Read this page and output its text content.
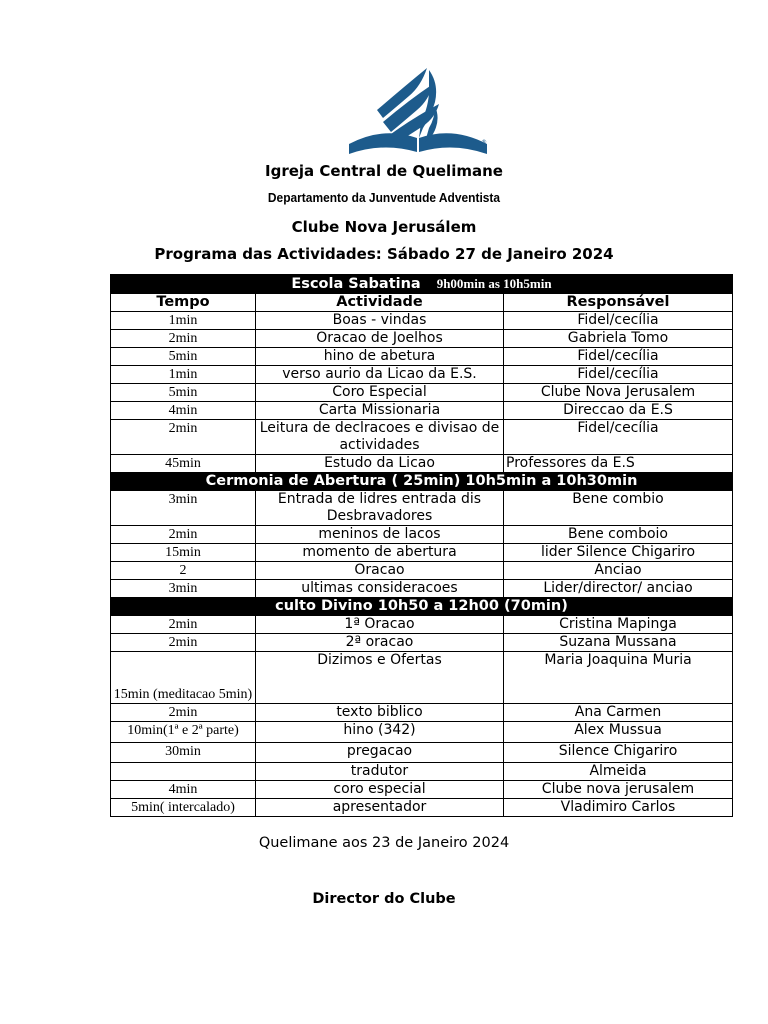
®
Igreja Central de Quelimane
Departamento da Junventude Adventista
Clube Nova Jerusálem
Programa das Actividades: Sábado 27 de Janeiro 2024
Escola Sabatina 9h00min as 10h5min		
Tempo	Actividade	Responsável
1min	Boas - vindas	Fidel/cecília
2min	Oracao de Joelhos	Gabriela Tomo
5min	hino de abetura	Fidel/cecília
1min	verso aurio da Licao da E.S.	Fidel/cecília
5min	Coro Especial	Clube Nova Jerusalem
4min	Carta Missionaria	Direccao da E.S
2min	Leitura de declracoes e divisao de actividades	Fidel/cecília
45min	Estudo da Licao	Professores da E.S
Cermonia de Abertura ( 25min) 10h5min a 10h30min		
3min	Entrada de lidres entrada dis Desbravadores	Bene combio
2min	meninos de lacos	Bene comboio
15min	momento de abertura	lider Silence Chigariro
2	Oracao	Anciao
3min	ultimas consideracoes	Lider/director/ anciao
culto Divino 10h50 a 12h00 (70min)		
2min	1ª Oracao	Cristina Mapinga
2min	2ª oracao	Suzana Mussana
15min (meditacao 5min)	Dizimos e Ofertas	Maria Joaquina Muria
2min	texto biblico	Ana Carmen
10min(1ª e 2ª parte)	hino (342)	Alex Mussua
30min	pregacao	Silence Chigariro
	tradutor	Almeida
4min	coro especial	Clube nova jerusalem
5min( intercalado)	apresentador	Vladimiro Carlos
Quelimane aos 23 de Janeiro 2024
Director do Clube
